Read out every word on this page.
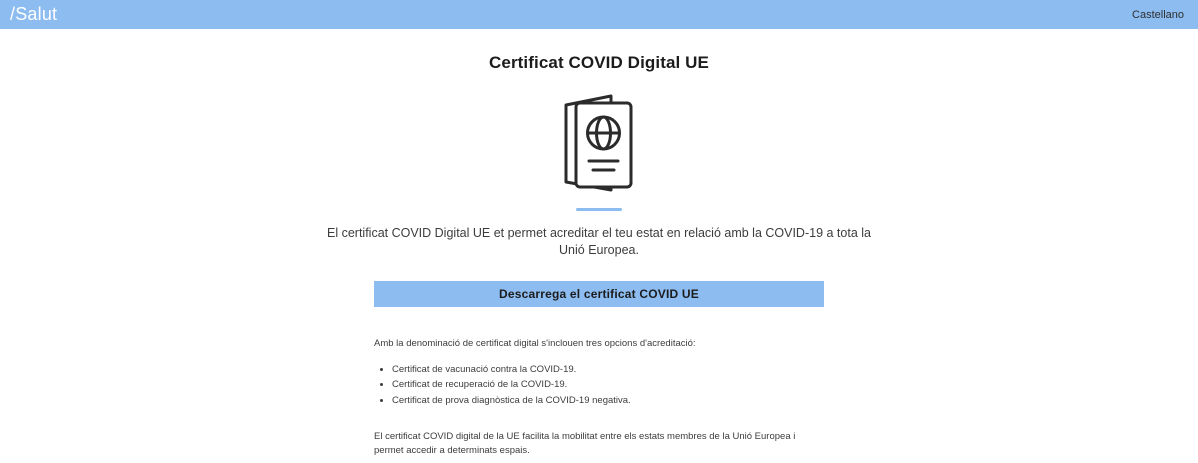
/Salut	Castellano
Certificat COVID Digital UE

El certificat COVID Digital UE et permet acreditar el teu estat en relació amb la COVID-19 a tota la Unió Europea.

Descarrega el certificat COVID UE

Amb la denominació de certificat digital s'inclouen tres opcions d'acreditació:

• Certificat de vacunació contra la COVID-19.
• Certificat de recuperació de la COVID-19.
• Certificat de prova diagnòstica de la COVID-19 negativa.

El certificat COVID digital de la UE facilita la mobilitat entre els estats membres de la Unió Europea i permet accedir a determinats espais.
